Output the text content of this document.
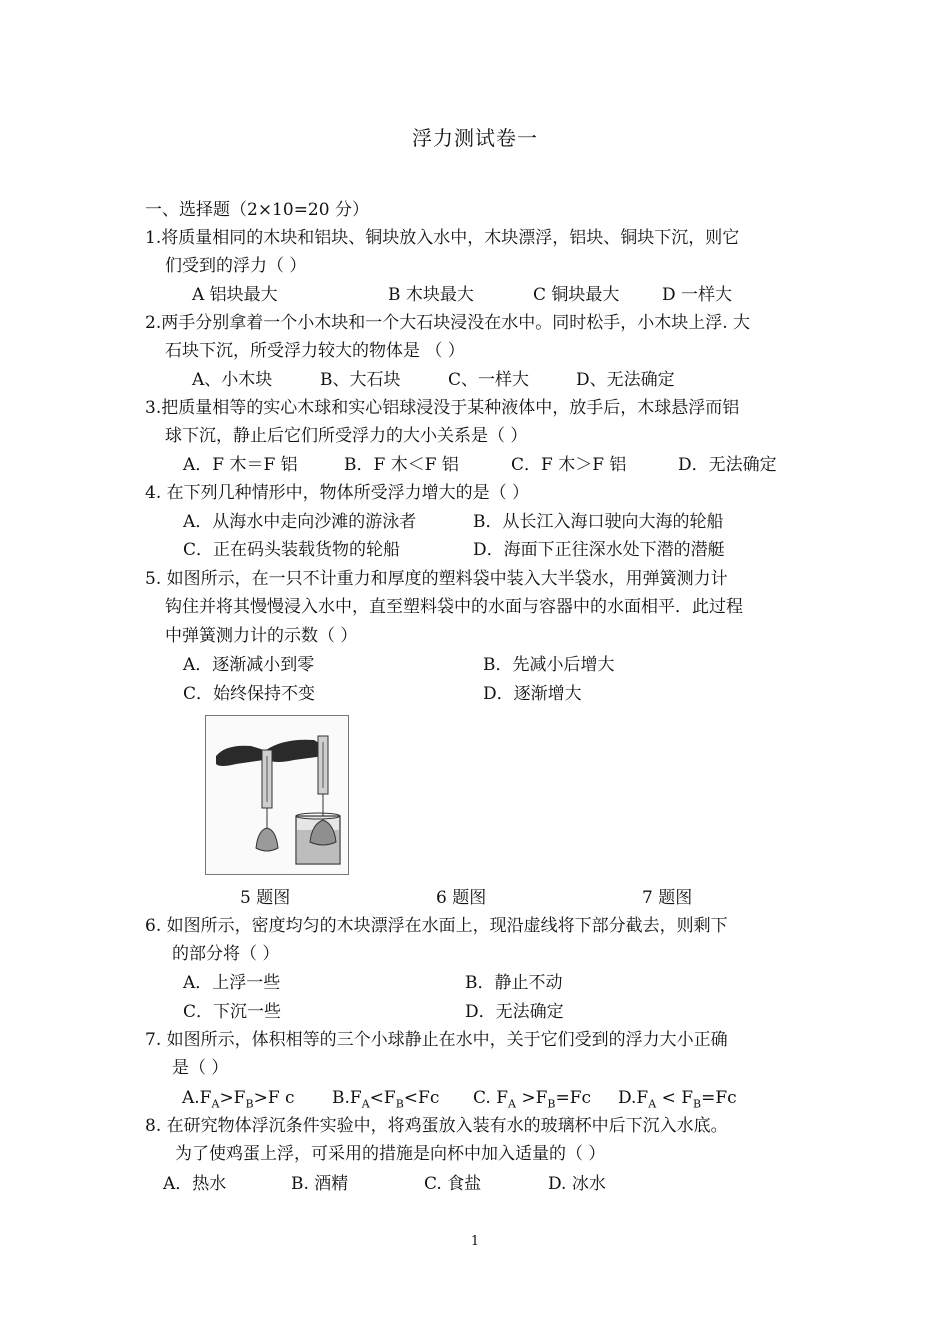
浮力测试卷一
一、选择题（2×10=20 分）
1.将质量相同的木块和铝块、铜块放入水中，木块漂浮，铝块、铜块下沉，则它
们受到的浮力（ ）
A 铝块最大	B 木块最大	C 铜块最大	D 一样大
2.两手分别拿着一个小木块和一个大石块浸没在水中。同时松手，小木块上浮. 大
石块下沉，所受浮力较大的物体是 （ ）
A、小木块	B、大石块	C、一样大	D、无法确定
3.把质量相等的实心木球和实心铝球浸没于某种液体中，放手后，木球悬浮而铝
球下沉，静止后它们所受浮力的大小关系是（ ）
A．F 木＝F 铝	B．F 木＜F 铝	C．F 木＞F 铝	D．无法确定
4. 在下列几种情形中，物体所受浮力增大的是（ ）
A．从海水中走向沙滩的游泳者	B．从长江入海口驶向大海的轮船
C．正在码头装载货物的轮船	D．海面下正往深水处下潜的潜艇
5. 如图所示，在一只不计重力和厚度的塑料袋中装入大半袋水，用弹簧测力计
钩住并将其慢慢浸入水中，直至塑料袋中的水面与容器中的水面相平．此过程
中弹簧测力计的示数（ ）
A．逐渐减小到零	B．先减小后增大
C．始终保持不变	D．逐渐增大
5 题图	6 题图	7 题图
6. 如图所示，密度均匀的木块漂浮在水面上，现沿虚线将下部分截去，则剩下
的部分将（ ）
A．上浮一些	B．静止不动
C．下沉一些	D．无法确定
7. 如图所示，体积相等的三个小球静止在水中，关于它们受到的浮力大小正确
是（ ）
$A.F_A>F_B>F$ c $B.F_A<F_B<Fc$ C. $F_A >F_B=Fc$ $D.F_A < F_B=Fc$
8. 在研究物体浮沉条件实验中，将鸡蛋放入装有水的玻璃杯中后下沉入水底。
为了使鸡蛋上浮，可采用的措施是向杯中加入适量的（ ）
A．热水	B. 酒精	C. 食盐	D. 冰水
1
